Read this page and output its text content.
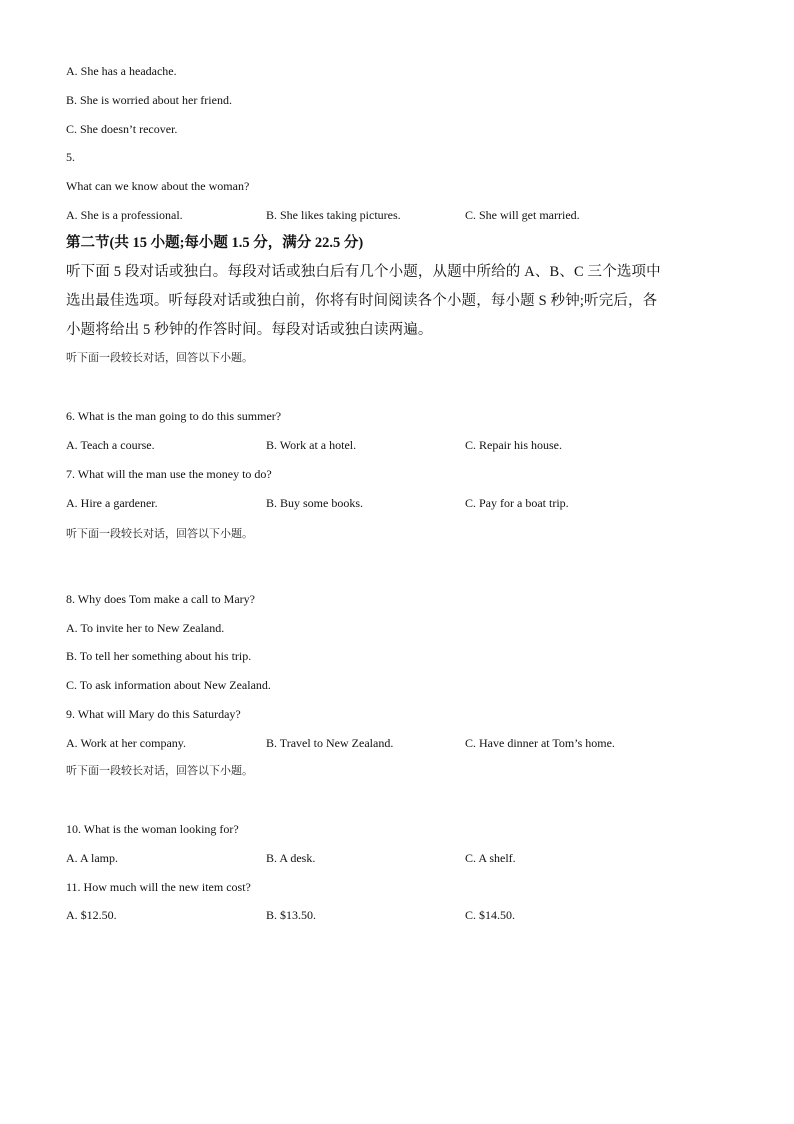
A. She has a headache.
B. She is worried about her friend.
C. She doesn’t recover.
5.
What can we know about the woman?
A. She is a professional.	B. She likes taking pictures.	C. She will get married.
第二节(共 15 小题;每小题 1.5 分，满分 22.5 分)
听下面 5 段对话或独白。每段对话或独白后有几个小题，从题中所给的 A、B、C 三个选项中
选出最佳选项。听每段对话或独白前，你将有时间阅读各个小题，每小题 S 秒钟;听完后，各
小题将给出 5 秒钟的作答时间。每段对话或独白读两遍。
听下面一段较长对话，回答以下小题。
6. What is the man going to do this summer?
A. Teach a course.	B. Work at a hotel.	C. Repair his house.
7. What will the man use the money to do?
A. Hire a gardener.	B. Buy some books.	C. Pay for a boat trip.
听下面一段较长对话，回答以下小题。
8. Why does Tom make a call to Mary?
A. To invite her to New Zealand.
B. To tell her something about his trip.
C. To ask information about New Zealand.
9. What will Mary do this Saturday?
A. Work at her company.	B. Travel to New Zealand.	C. Have dinner at Tom’s home.
听下面一段较长对话，回答以下小题。
10. What is the woman looking for?
A. A lamp.	B. A desk.	C. A shelf.
11. How much will the new item cost?
A. $12.50.	B. $13.50.	C. $14.50.
